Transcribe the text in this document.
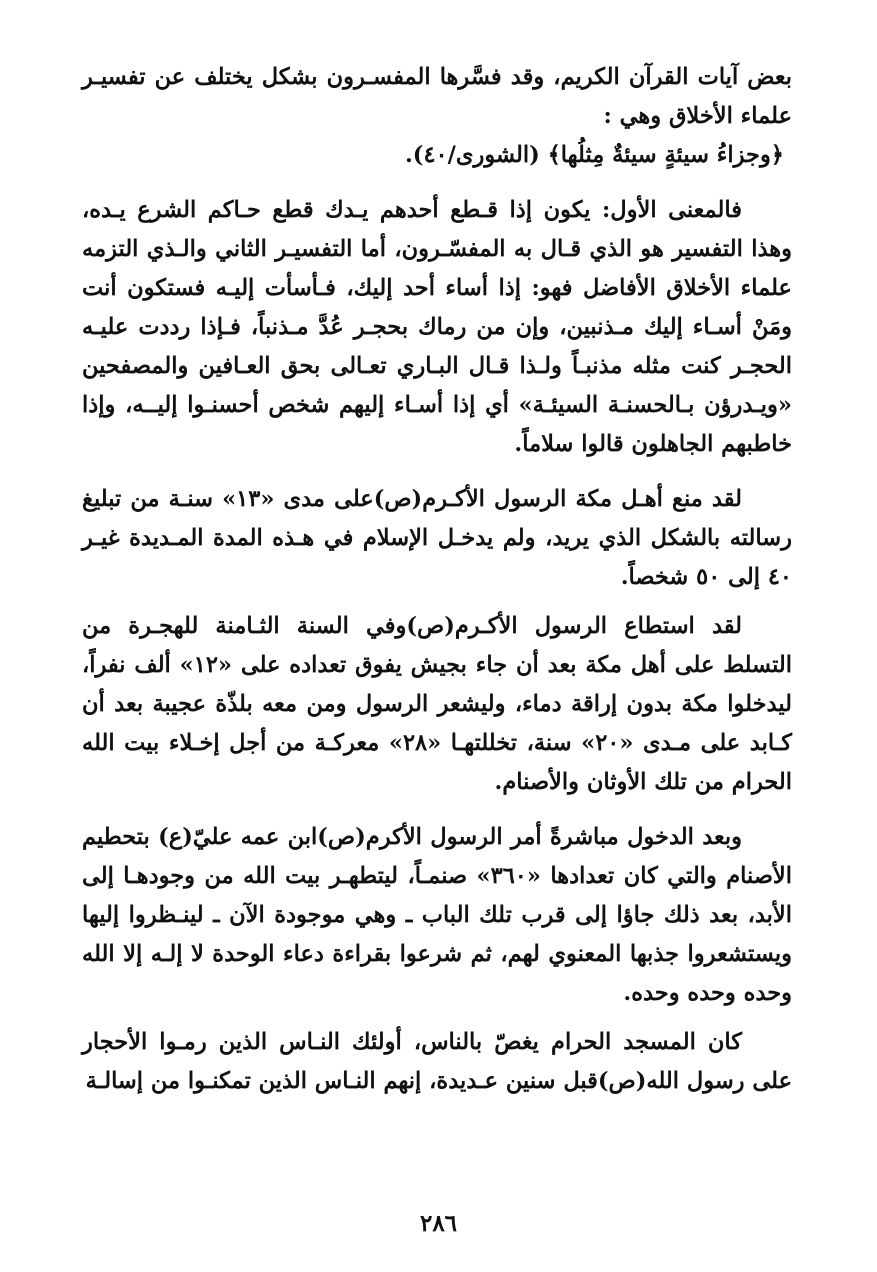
بعض آيات القرآن الكريم، وقد فسَّرها المفسـرون بشكل يختلف عن تفسيـر علماء الأخلاق وهي :

﴿وجزاءُ سيئةٍ سيئةٌ مِثلُها﴾ (الشورى/٤٠).

فالمعنى الأول: يكون إذا قـطع أحدهم يـدك قطع حـاكم الشرع يـده، وهذا التفسير هو الذي قـال به المفسّـرون، أما التفسيـر الثاني والـذي التزمه علماء الأخلاق الأفاضل فهو: إذا أساء أحد إليك، فـأسأت إليـه فستكون أنت ومَنْ أسـاء إليك مـذنبين، وإن من رماك بحجـر عُدَّ مـذنباً، فـإذا رددت عليـه الحجـر كنت مثله مذنبـاً ولـذا قـال البـاري تعـالى بحق العـافين والمصفحين «ويـدرؤن بـالحسنـة السيئـة» أي إذا أسـاء إليهم شخص أحسنـوا إليــه، وإذا خاطبهم الجاهلون قالوا سلاماً.

لقد منع أهـل مكة الرسول الأكـرم(ص)على مدى «١٣» سنـة من تبليغ رسالته بالشكل الذي يريد، ولم يدخـل الإسلام في هـذه المدة المـديدة غيـر ٤٠ إلى ٥٠ شخصاً.

لقد استطاع الرسول الأكـرم(ص)وفي السنة الثـامنة للهجـرة من التسلط على أهل مكة بعد أن جاء بجيش يفوق تعداده على «١٢» ألف نفراً، ليدخلوا مكة بدون إراقة دماء، وليشعر الرسول ومن معه بلذّة عجيبة بعد أن كـابد على مـدى «٢٠» سنة، تخللتهـا «٢٨» معركـة من أجل إخـلاء بيت الله الحرام من تلك الأوثان والأصنام.

وبعد الدخول مباشرةً أمر الرسول الأكرم(ص)ابن عمه عليّ(ع) بتحطيم الأصنام والتي كان تعدادها «٣٦٠» صنمـاً، ليتطهـر بيت الله من وجودهـا إلى الأبد، بعد ذلك جاؤا إلى قرب تلك الباب ـ وهي موجودة الآن ـ لينـظروا إليها ويستشعروا جذبها المعنوي لهم، ثم شرعوا بقراءة دعاء الوحدة لا إلـه إلا الله وحده وحده وحده.

كان المسجد الحرام يغصّ بالناس، أولئك النـاس الذين رمـوا الأحجار على رسول الله(ص)قبل سنين عـديدة، إنهم النـاس الذين تمكنـوا من إسالـة

٢٨٦
